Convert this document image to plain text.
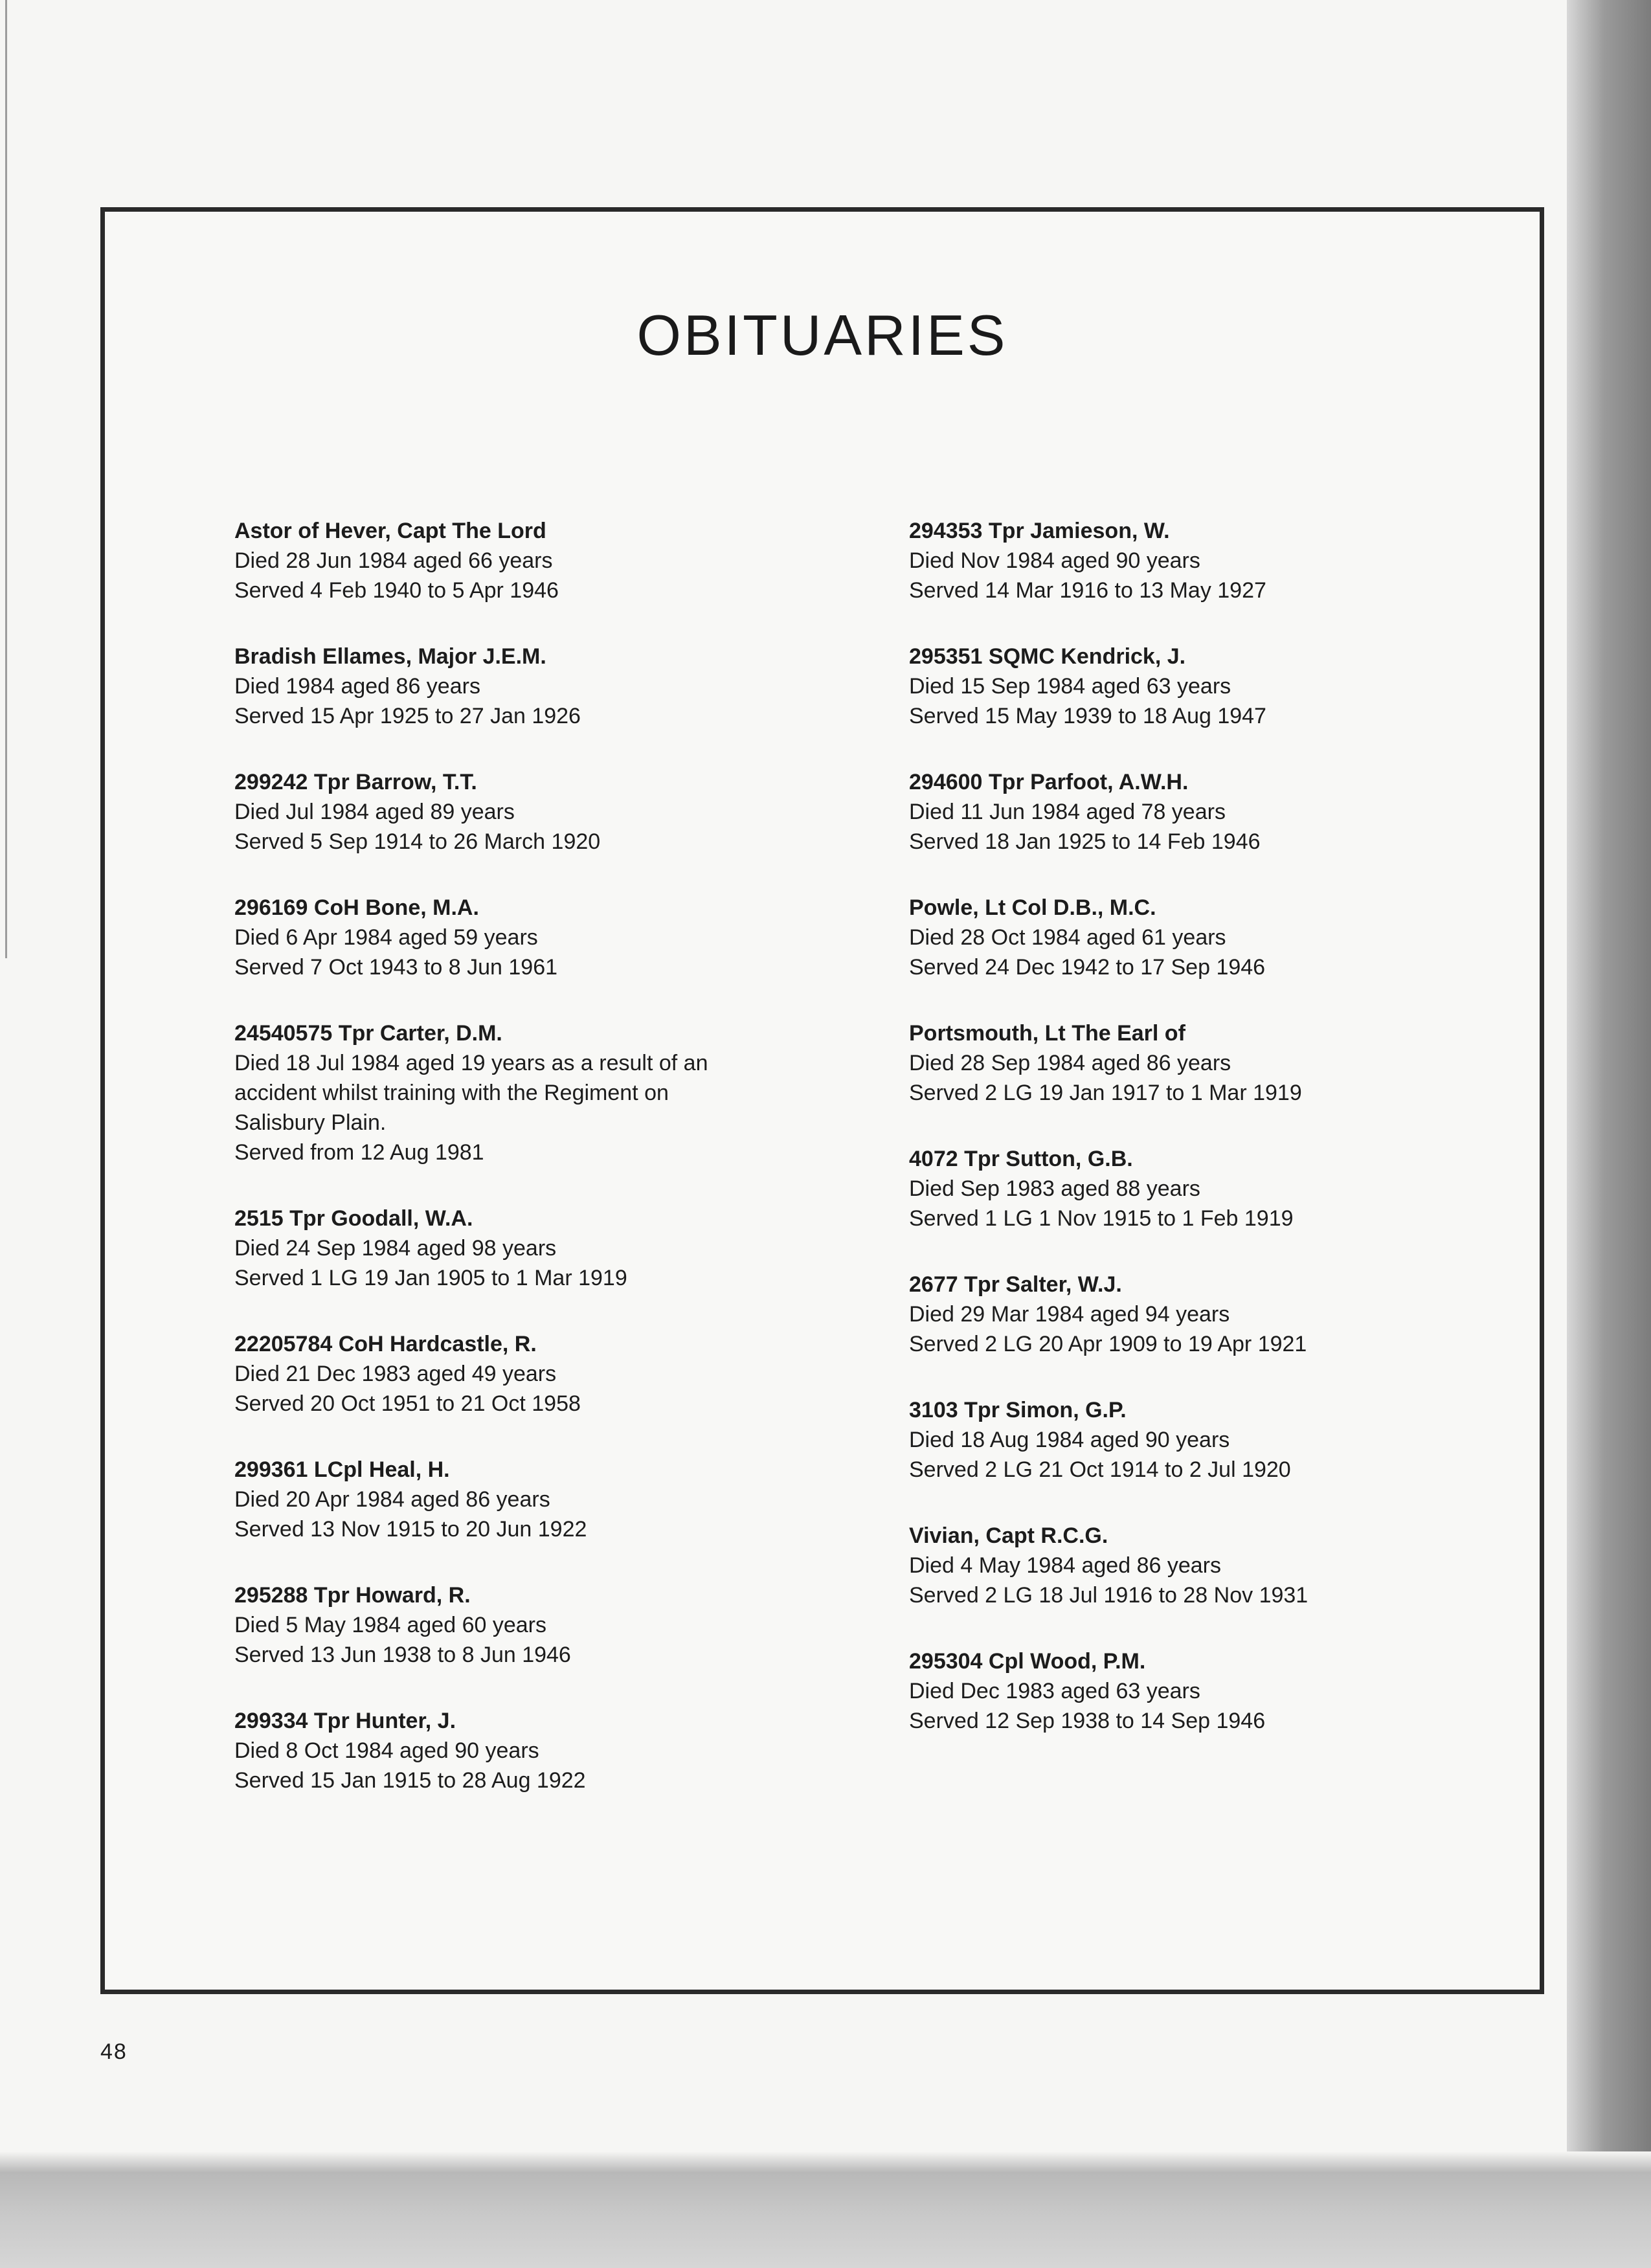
OBITUARIES
Astor of Hever, Capt The Lord
Died 28 Jun 1984 aged 66 years
Served 4 Feb 1940 to 5 Apr 1946
Bradish Ellames, Major J.E.M.
Died 1984 aged 86 years
Served 15 Apr 1925 to 27 Jan 1926
299242 Tpr Barrow, T.T.
Died Jul 1984 aged 89 years
Served 5 Sep 1914 to 26 March 1920
296169 CoH Bone, M.A.
Died 6 Apr 1984 aged 59 years
Served 7 Oct 1943 to 8 Jun 1961
24540575 Tpr Carter, D.M.
Died 18 Jul 1984 aged 19 years as a result of an
accident whilst training with the Regiment on
Salisbury Plain.
Served from 12 Aug 1981
2515 Tpr Goodall, W.A.
Died 24 Sep 1984 aged 98 years
Served 1 LG 19 Jan 1905 to 1 Mar 1919
22205784 CoH Hardcastle, R.
Died 21 Dec 1983 aged 49 years
Served 20 Oct 1951 to 21 Oct 1958
299361 LCpl Heal, H.
Died 20 Apr 1984 aged 86 years
Served 13 Nov 1915 to 20 Jun 1922
295288 Tpr Howard, R.
Died 5 May 1984 aged 60 years
Served 13 Jun 1938 to 8 Jun 1946
299334 Tpr Hunter, J.
Died 8 Oct 1984 aged 90 years
Served 15 Jan 1915 to 28 Aug 1922
294353 Tpr Jamieson, W.
Died Nov 1984 aged 90 years
Served 14 Mar 1916 to 13 May 1927
295351 SQMC Kendrick, J.
Died 15 Sep 1984 aged 63 years
Served 15 May 1939 to 18 Aug 1947
294600 Tpr Parfoot, A.W.H.
Died 11 Jun 1984 aged 78 years
Served 18 Jan 1925 to 14 Feb 1946
Powle, Lt Col D.B., M.C.
Died 28 Oct 1984 aged 61 years
Served 24 Dec 1942 to 17 Sep 1946
Portsmouth, Lt The Earl of
Died 28 Sep 1984 aged 86 years
Served 2 LG 19 Jan 1917 to 1 Mar 1919
4072 Tpr Sutton, G.B.
Died Sep 1983 aged 88 years
Served 1 LG 1 Nov 1915 to 1 Feb 1919
2677 Tpr Salter, W.J.
Died 29 Mar 1984 aged 94 years
Served 2 LG 20 Apr 1909 to 19 Apr 1921
3103 Tpr Simon, G.P.
Died 18 Aug 1984 aged 90 years
Served 2 LG 21 Oct 1914 to 2 Jul 1920
Vivian, Capt R.C.G.
Died 4 May 1984 aged 86 years
Served 2 LG 18 Jul 1916 to 28 Nov 1931
295304 Cpl Wood, P.M.
Died Dec 1983 aged 63 years
Served 12 Sep 1938 to 14 Sep 1946
48
